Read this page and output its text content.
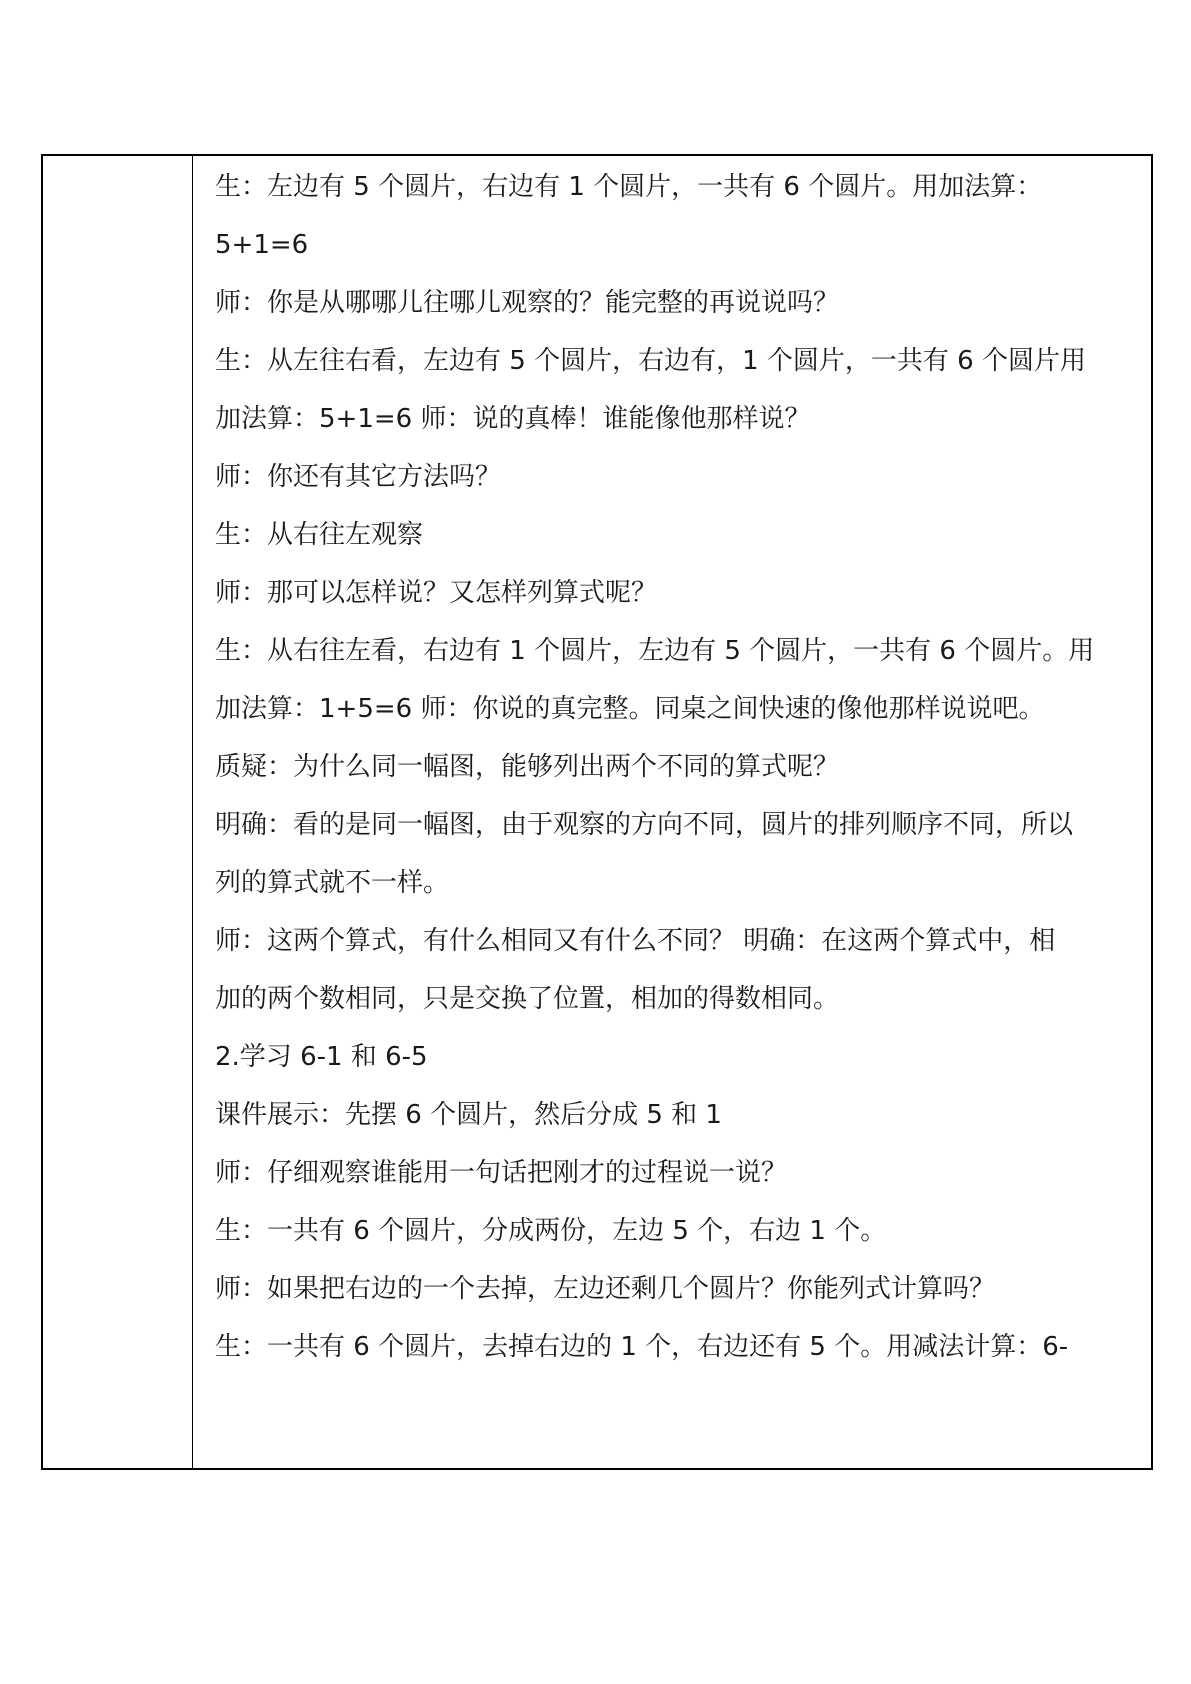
生：左边有 5 个圆片，右边有 1 个圆片，一共有 6 个圆片。用加法算：
5+1=6
师：你是从哪哪儿往哪儿观察的？能完整的再说说吗？
生：从左往右看，左边有 5 个圆片，右边有，1 个圆片，一共有 6 个圆片用
加法算：5+1=6 师：说的真棒！谁能像他那样说？
师：你还有其它方法吗？
生：从右往左观察
师：那可以怎样说？又怎样列算式呢？
生：从右往左看，右边有 1 个圆片，左边有 5 个圆片，一共有 6 个圆片。用
加法算：1+5=6 师：你说的真完整。同桌之间快速的像他那样说说吧。
质疑：为什么同一幅图，能够列出两个不同的算式呢？
明确：看的是同一幅图，由于观察的方向不同，圆片的排列顺序不同，所以
列的算式就不一样。
师：这两个算式，有什么相同又有什么不同？ 明确：在这两个算式中，相
加的两个数相同，只是交换了位置，相加的得数相同。
2.学习 6-1 和 6-5
课件展示：先摆 6 个圆片，然后分成 5 和 1
师：仔细观察谁能用一句话把刚才的过程说一说？
生：一共有 6 个圆片，分成两份，左边 5 个，右边 1 个。
师：如果把右边的一个去掉，左边还剩几个圆片？你能列式计算吗？
生：一共有 6 个圆片，去掉右边的 1 个，右边还有 5 个。用减法计算：6-
